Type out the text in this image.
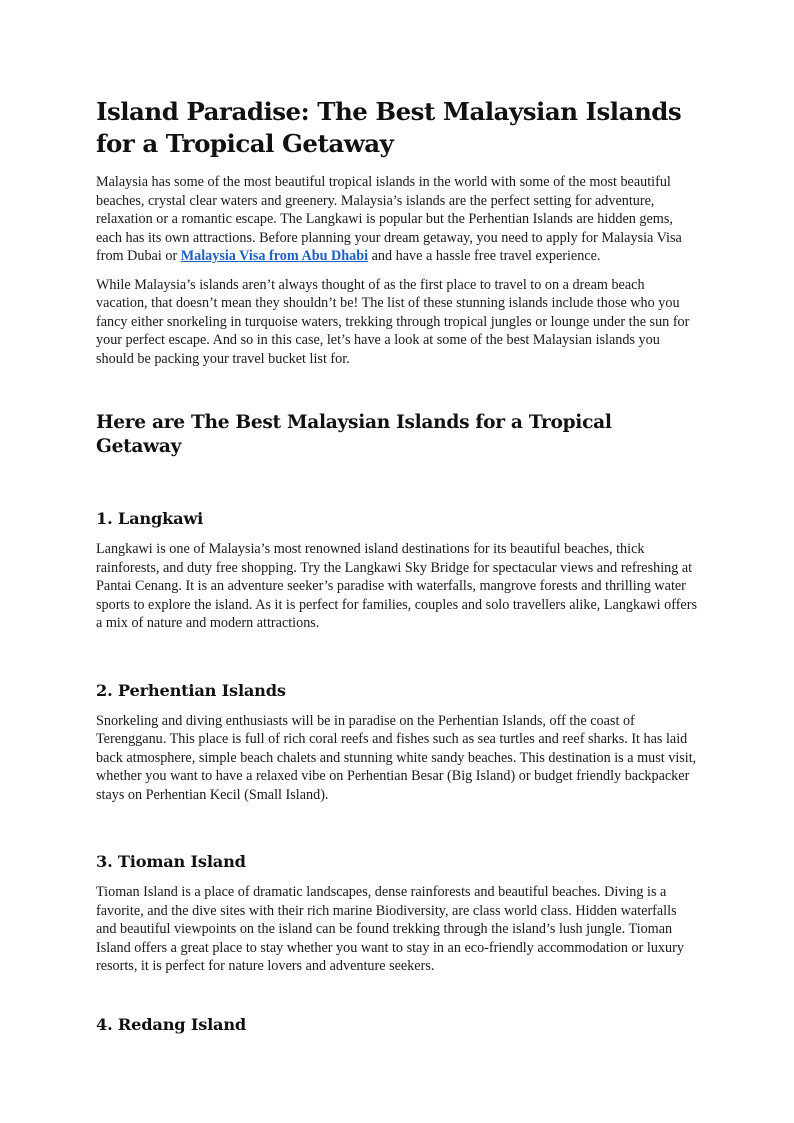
Island Paradise: The Best Malaysian Islands for a Tropical Getaway

Malaysia has some of the most beautiful tropical islands in the world with some of the most beautiful beaches, crystal clear waters and greenery. Malaysia’s islands are the perfect setting for adventure, relaxation or a romantic escape. The Langkawi is popular but the Perhentian Islands are hidden gems, each has its own attractions. Before planning your dream getaway, you need to apply for Malaysia Visa from Dubai or Malaysia Visa from Abu Dhabi and have a hassle free travel experience.

While Malaysia’s islands aren’t always thought of as the first place to travel to on a dream beach vacation, that doesn’t mean they shouldn’t be! The list of these stunning islands include those who you fancy either snorkeling in turquoise waters, trekking through tropical jungles or lounge under the sun for your perfect escape. And so in this case, let’s have a look at some of the best Malaysian islands you should be packing your travel bucket list for.

Here are The Best Malaysian Islands for a Tropical Getaway
1. Langkawi

Langkawi is one of Malaysia’s most renowned island destinations for its beautiful beaches, thick rainforests, and duty free shopping. Try the Langkawi Sky Bridge for spectacular views and refreshing at Pantai Cenang. It is an adventure seeker’s paradise with waterfalls, mangrove forests and thrilling water sports to explore the island. As it is perfect for families, couples and solo travellers alike, Langkawi offers a mix of nature and modern attractions.

2. Perhentian Islands

Snorkeling and diving enthusiasts will be in paradise on the Perhentian Islands, off the coast of Terengganu. This place is full of rich coral reefs and fishes such as sea turtles and reef sharks. It has laid back atmosphere, simple beach chalets and stunning white sandy beaches. This destination is a must visit, whether you want to have a relaxed vibe on Perhentian Besar (Big Island) or budget friendly backpacker stays on Perhentian Kecil (Small Island).

3. Tioman Island

Tioman Island is a place of dramatic landscapes, dense rainforests and beautiful beaches. Diving is a favorite, and the dive sites with their rich marine Biodiversity, are class world class. Hidden waterfalls and beautiful viewpoints on the island can be found trekking through the island’s lush jungle. Tioman Island offers a great place to stay whether you want to stay in an eco-friendly accommodation or luxury resorts, it is perfect for nature lovers and adventure seekers.

4. Redang Island
